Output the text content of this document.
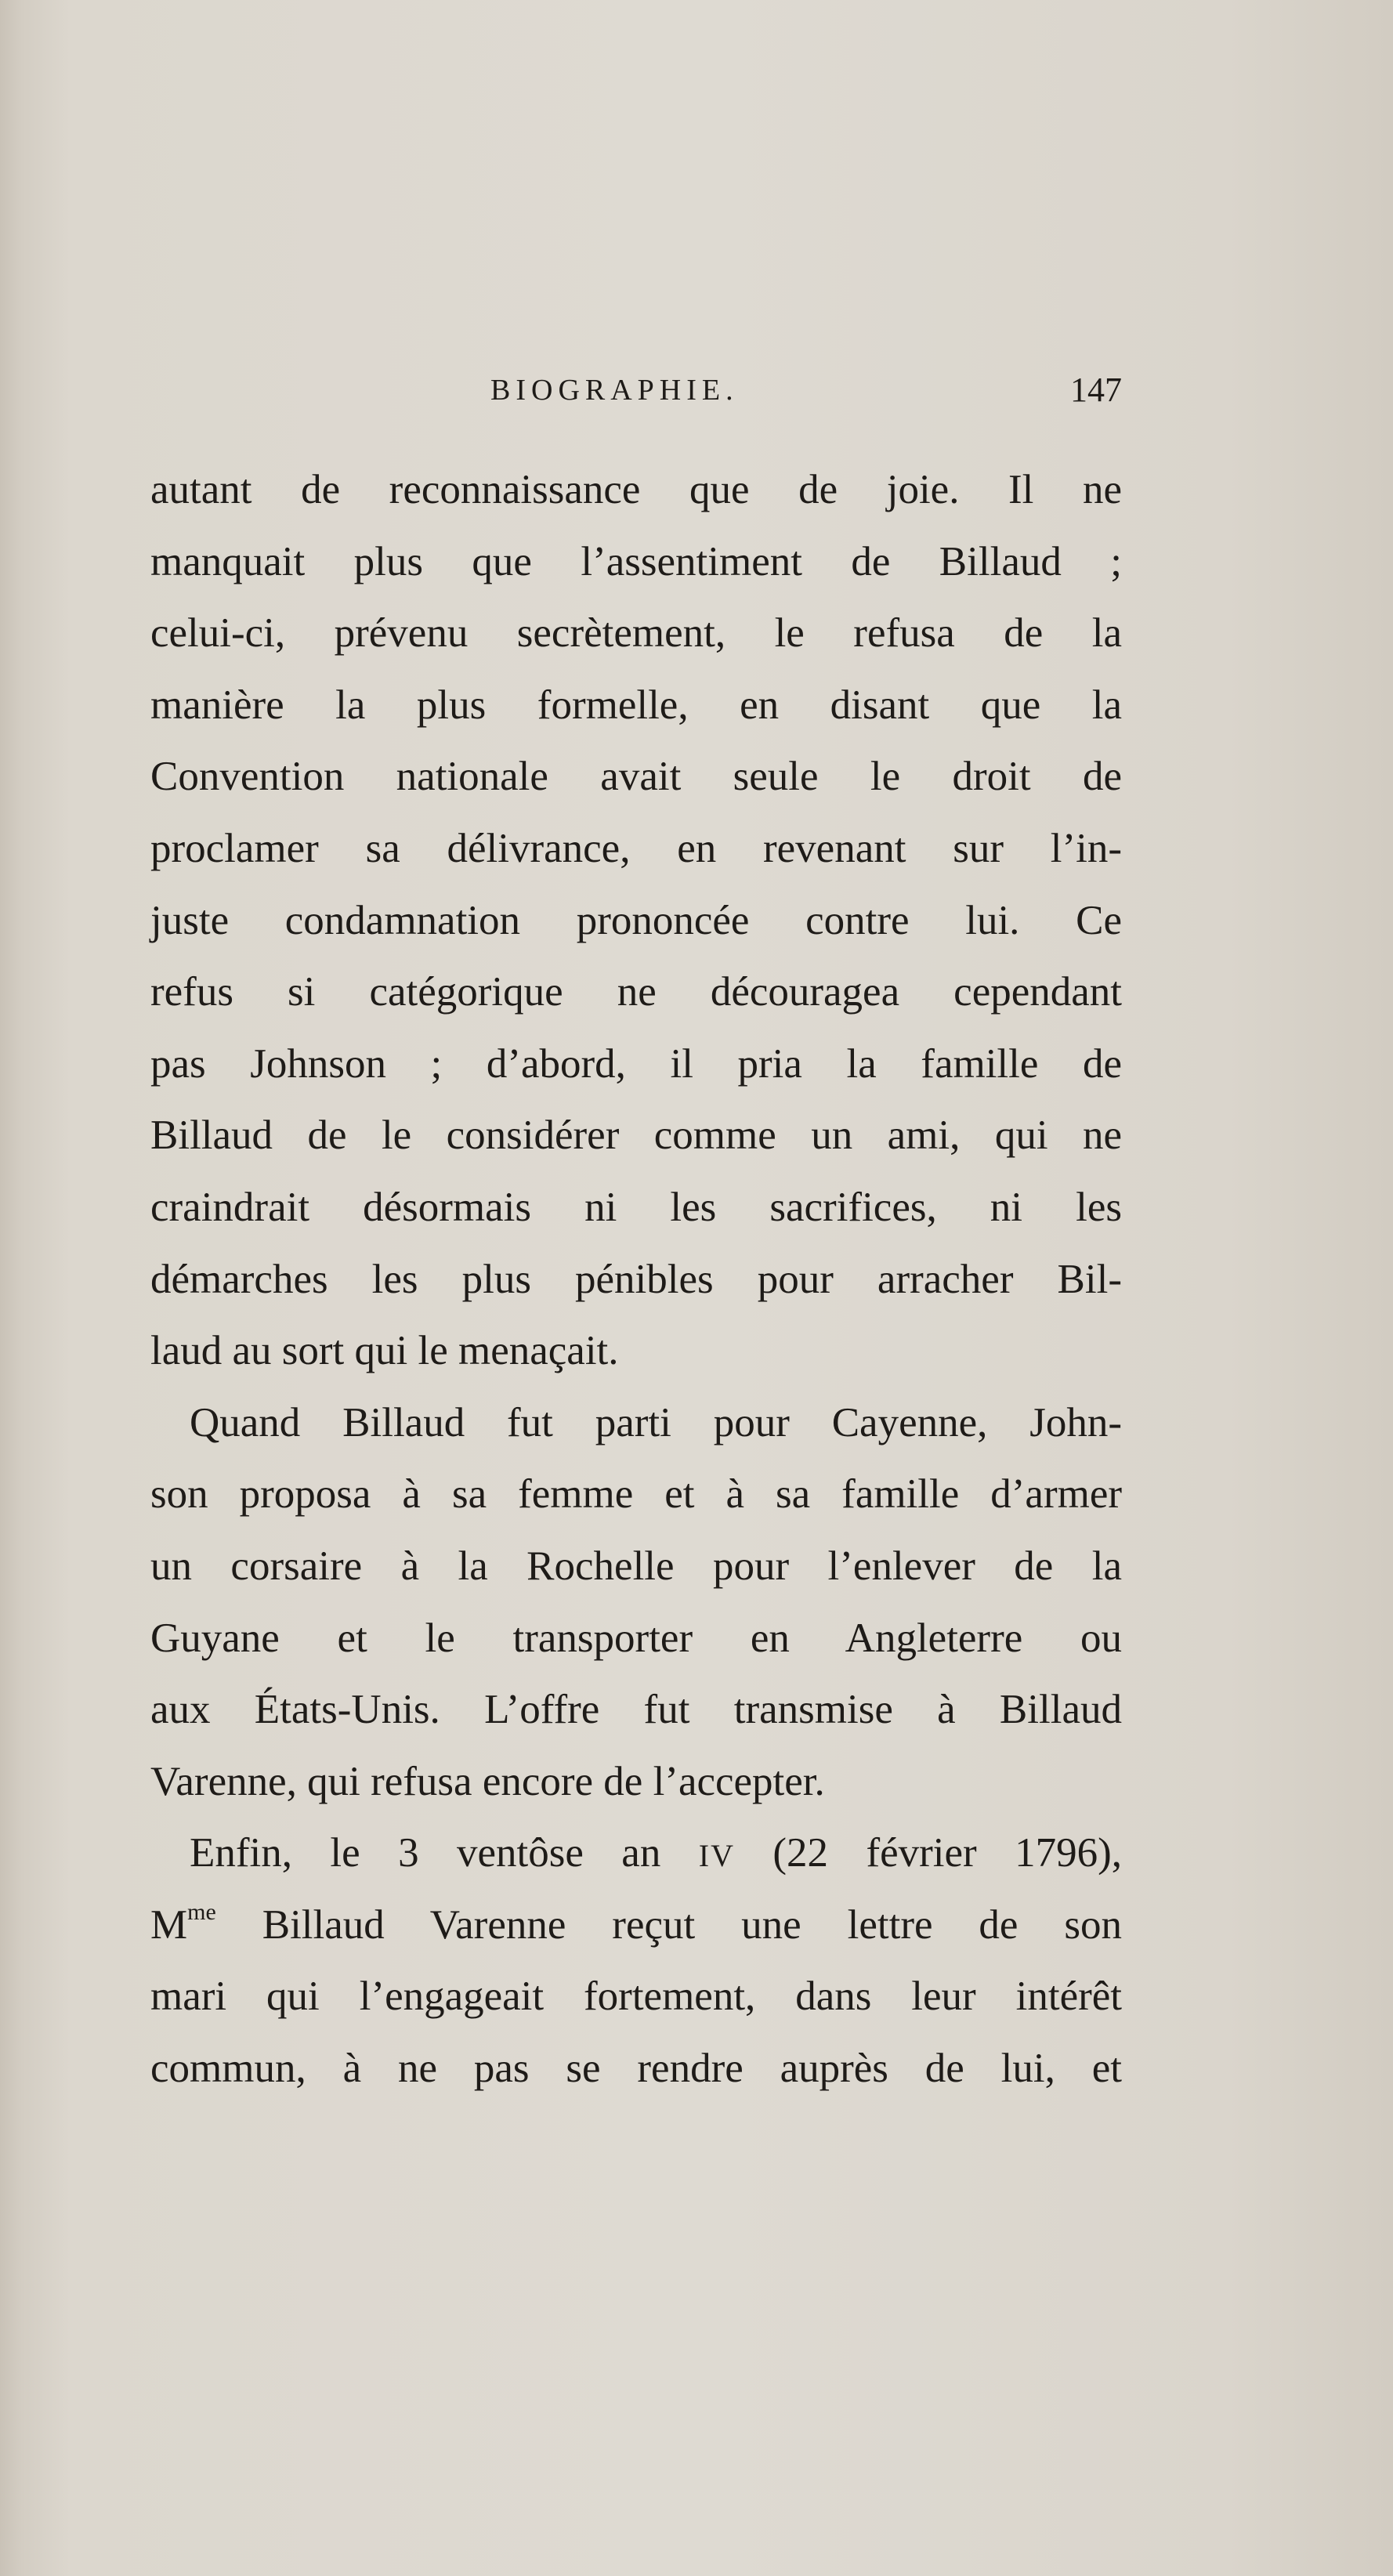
BIOGRAPHIE.	147
autant de reconnaissance que de joie. Il ne
manquait plus que l’assentiment de Billaud ;
celui-ci, prévenu secrètement, le refusa de la
manière la plus formelle, en disant que la
Convention nationale avait seule le droit de
proclamer sa délivrance, en revenant sur l’in-
juste condamnation prononcée contre lui. Ce
refus si catégorique ne découragea cependant
pas Johnson ; d’abord, il pria la famille de
Billaud de le considérer comme un ami, qui ne
craindrait désormais ni les sacrifices, ni les
démarches les plus pénibles pour arracher Bil-
laud au sort qui le menaçait.
Quand Billaud fut parti pour Cayenne, John-
son proposa à sa femme et à sa famille d’armer
un corsaire à la Rochelle pour l’enlever de la
Guyane et le transporter en Angleterre ou
aux États-Unis. L’offre fut transmise à Billaud
Varenne, qui refusa encore de l’accepter.
Enfin, le 3 ventôse an IV (22 février 1796),
$M^{me}$ Billaud Varenne reçut une lettre de son
mari qui l’engageait fortement, dans leur intérêt
commun, à ne pas se rendre auprès de lui, et
